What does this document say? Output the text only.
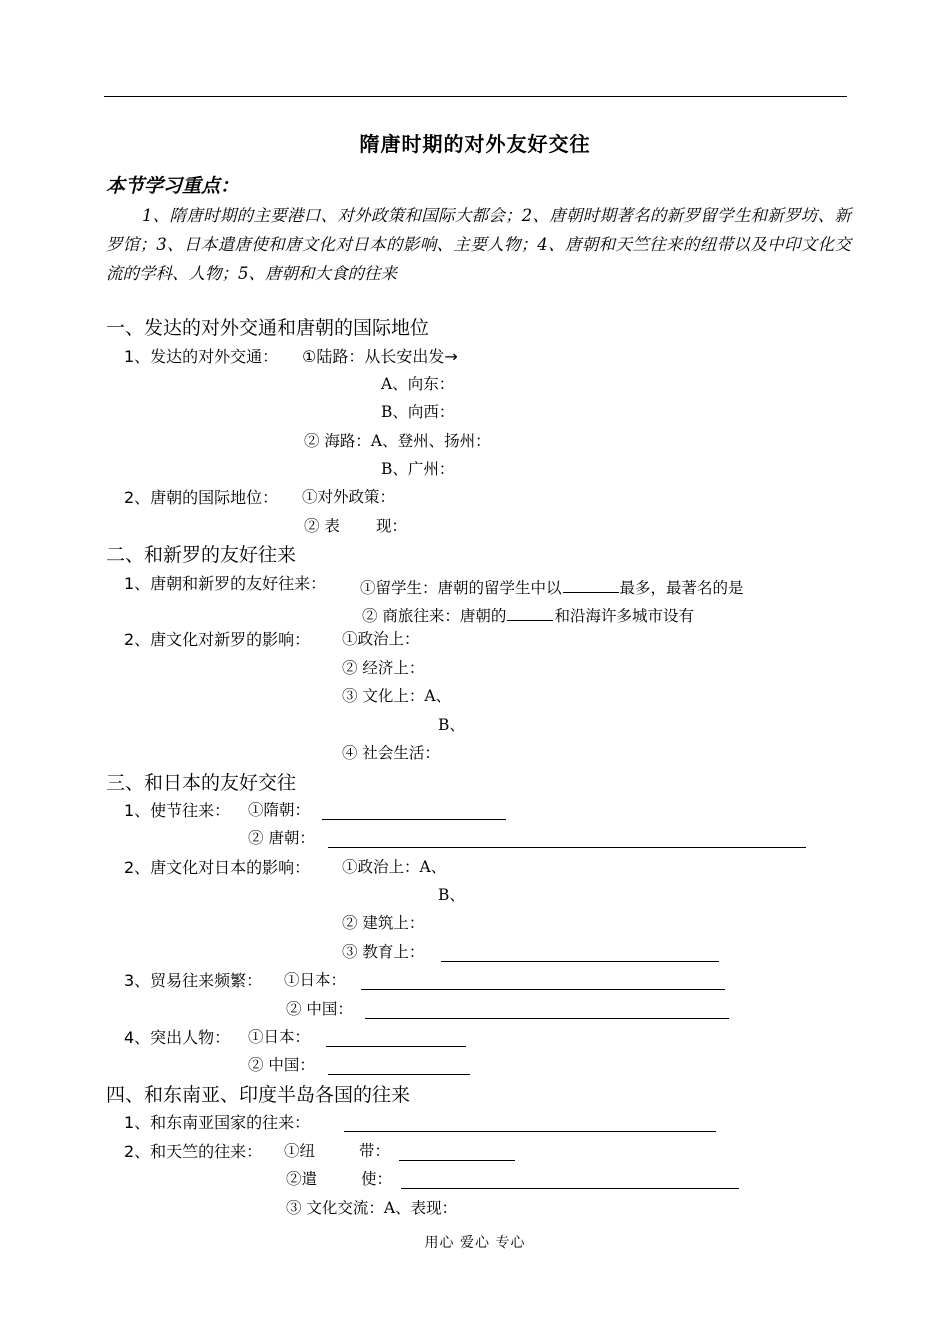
隋唐时期的对外友好交往
本节学习重点：
1、隋唐时期的主要港口、对外政策和国际大都会；2、唐朝时期著名的新罗留学生和新罗坊、新罗馆；3、日本遣唐使和唐文化对日本的影响、主要人物；4、唐朝和天竺往来的纽带以及中印文化交流的学科、人物；5、唐朝和大食的往来
一、发达的对外交通和唐朝的国际地位
1、发达的对外交通： ①陆路：从长安出发→
A、向东：
B、向西：
② 海路：A、登州、扬州：
B、广州：
2、唐朝的国际地位： ①对外政策：
② 表 现：
二、和新罗的友好往来
1、唐朝和新罗的友好往来： ①留学生：唐朝的留学生中以	最多，最著名的是
② 商旅往来：唐朝的	和沿海许多城市设有
2、唐文化对新罗的影响： ①政治上：
② 经济上：
③ 文化上：A、
B、
④ 社会生活：
三、和日本的友好交往
1、使节往来： ①隋朝：
② 唐朝：
2、唐文化对日本的影响： ①政治上：A、
B、
② 建筑上：
③ 教育上：
3、贸易往来频繁： ①日本：
② 中国：
4、突出人物： ①日本：
② 中国：
四、和东南亚、印度半岛各国的往来
1、和东南亚国家的往来：
2、和天竺的往来： ①纽	带：
②遣	使：
③ 文化交流：A、表现：
用心 爱心 专心
